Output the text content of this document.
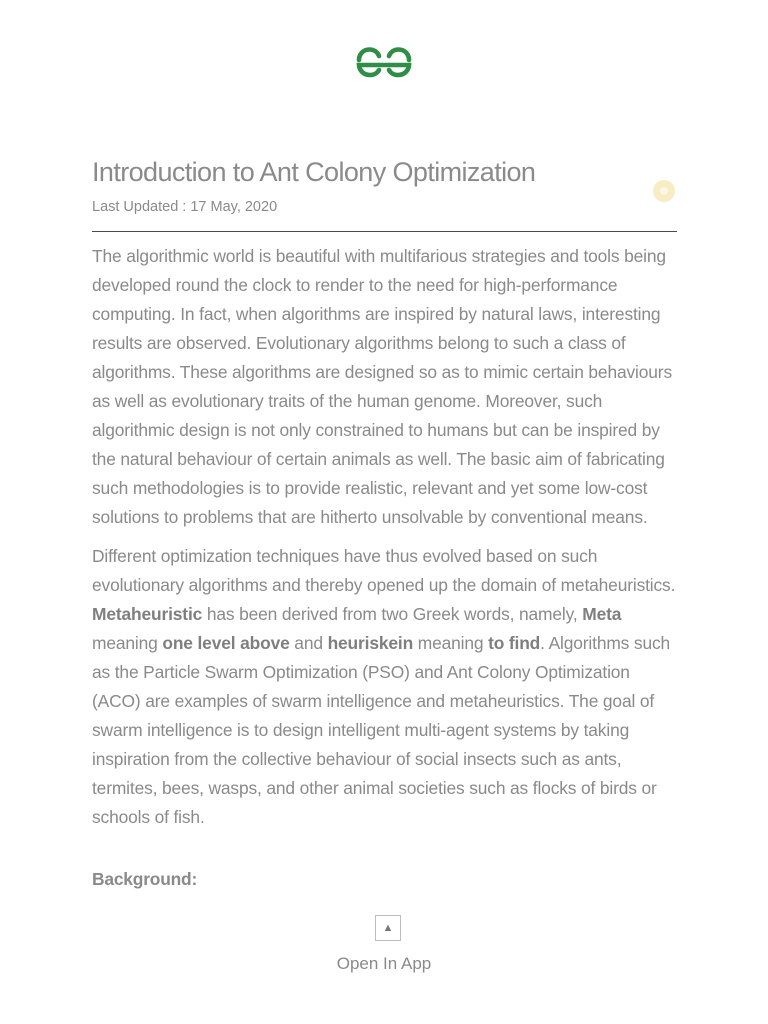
Introduction to Ant Colony Optimization
Last Updated : 17 May, 2020

The algorithmic world is beautiful with multifarious strategies and tools being developed round the clock to render to the need for high-performance computing. In fact, when algorithms are inspired by natural laws, interesting results are observed. Evolutionary algorithms belong to such a class of algorithms. These algorithms are designed so as to mimic certain behaviours as well as evolutionary traits of the human genome. Moreover, such algorithmic design is not only constrained to humans but can be inspired by the natural behaviour of certain animals as well. The basic aim of fabricating such methodologies is to provide realistic, relevant and yet some low-cost solutions to problems that are hitherto unsolvable by conventional means.

Different optimization techniques have thus evolved based on such evolutionary algorithms and thereby opened up the domain of metaheuristics. Metaheuristic has been derived from two Greek words, namely, Meta meaning one level above and heuriskein meaning to find. Algorithms such as the Particle Swarm Optimization (PSO) and Ant Colony Optimization (ACO) are examples of swarm intelligence and metaheuristics. The goal of swarm intelligence is to design intelligent multi-agent systems by taking inspiration from the collective behaviour of social insects such as ants, termites, bees, wasps, and other animal societies such as flocks of birds or schools of fish.

Background:
▲
Open In App
